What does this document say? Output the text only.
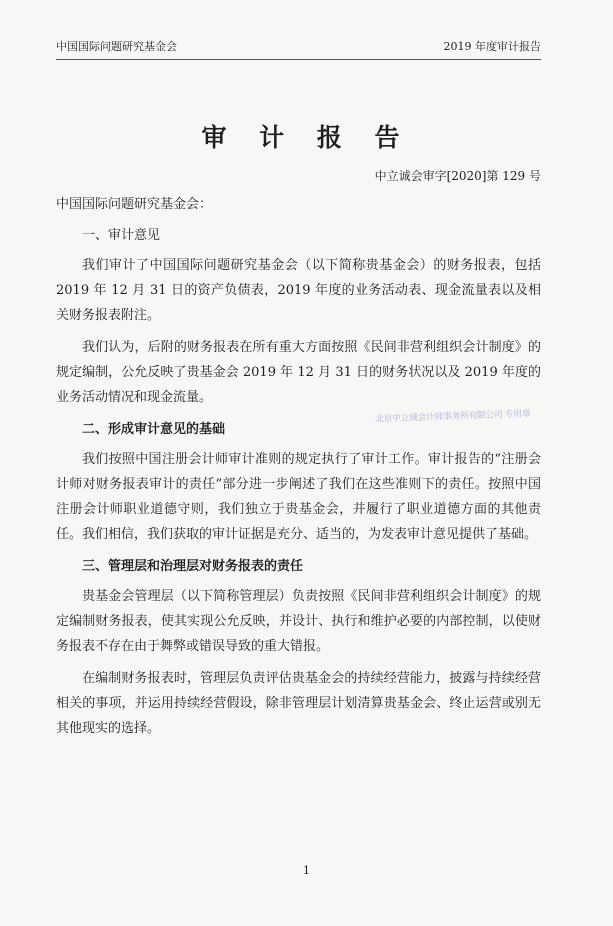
中国国际问题研究基金会	2019 年度审计报告
审 计 报 告
中立诚会审字[2020]第 129 号
中国国际问题研究基金会：
一、审计意见

我们审计了中国国际问题研究基金会（以下简称贵基金会）的财务报表，包括 2019 年 12 月 31 日的资产负债表，2019 年度的业务活动表、现金流量表以及相关财务报表附注。

我们认为，后附的财务报表在所有重大方面按照《民间非营利组织会计制度》的规定编制，公允反映了贵基金会 2019 年 12 月 31 日的财务状况以及 2019 年度的业务活动情况和现金流量。

二、形成审计意见的基础

我们按照中国注册会计师审计准则的规定执行了审计工作。审计报告的“注册会计师对财务报表审计的责任”部分进一步阐述了我们在这些准则下的责任。按照中国注册会计师职业道德守则，我们独立于贵基金会，并履行了职业道德方面的其他责任。我们相信，我们获取的审计证据是充分、适当的，为发表审计意见提供了基础。

三、管理层和治理层对财务报表的责任

贵基金会管理层（以下简称管理层）负责按照《民间非营利组织会计制度》的规定编制财务报表，使其实现公允反映，并设计、执行和维护必要的内部控制，以使财务报表不存在由于舞弊或错误导致的重大错报。

在编制财务报表时，管理层负责评估贵基金会的持续经营能力，披露与持续经营相关的事项，并运用持续经营假设，除非管理层计划清算贵基金会、终止运营或别无其他现实的选择。

北京中立诚会计师事务所有限公司 专用章
1
